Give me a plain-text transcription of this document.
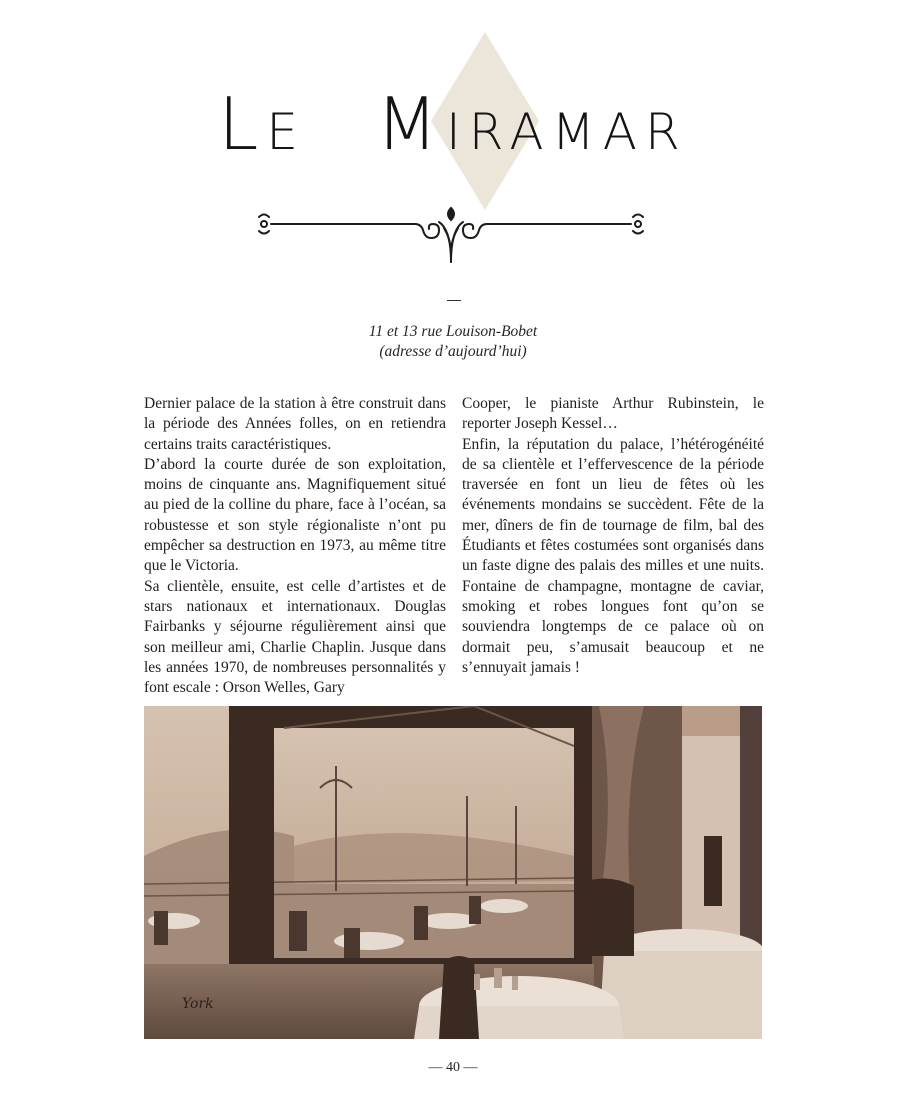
LE MIRAMAR
11 et 13 rue Louison-Bobet
(adresse d’aujourd’hui)

Dernier palace de la station à être construit dans la période des Années folles, on en retiendra certains traits caractéristiques.

D’abord la courte durée de son exploitation, moins de cinquante ans. Magnifiquement situé au pied de la colline du phare, face à l’océan, sa robustesse et son style régionaliste n’ont pu empêcher sa destruction en 1973, au même titre que le Victoria.

Sa clientèle, ensuite, est celle d’artistes et de stars nationaux et internationaux. Douglas Fairbanks y séjourne régulièrement ainsi que son meilleur ami, Charlie Chaplin. Jusque dans les années 1970, de nombreuses personnalités y font escale : Orson Welles, Gary

Cooper, le pianiste Arthur Rubinstein, le reporter Joseph Kessel…

Enfin, la réputation du palace, l’hétérogénéité de sa clientèle et l’effervescence de la période traversée en font un lieu de fêtes où les événements mondains se succèdent. Fête de la mer, dîners de fin de tournage de film, bal des Étudiants et fêtes costumées sont organisés dans un faste digne des palais des milles et une nuits. Fontaine de champagne, montagne de caviar, smoking et robes longues font qu’on se souviendra longtemps de ce palace où on dormait peu, s’amusait beaucoup et ne s’ennuyait jamais !

York
— 40 —
